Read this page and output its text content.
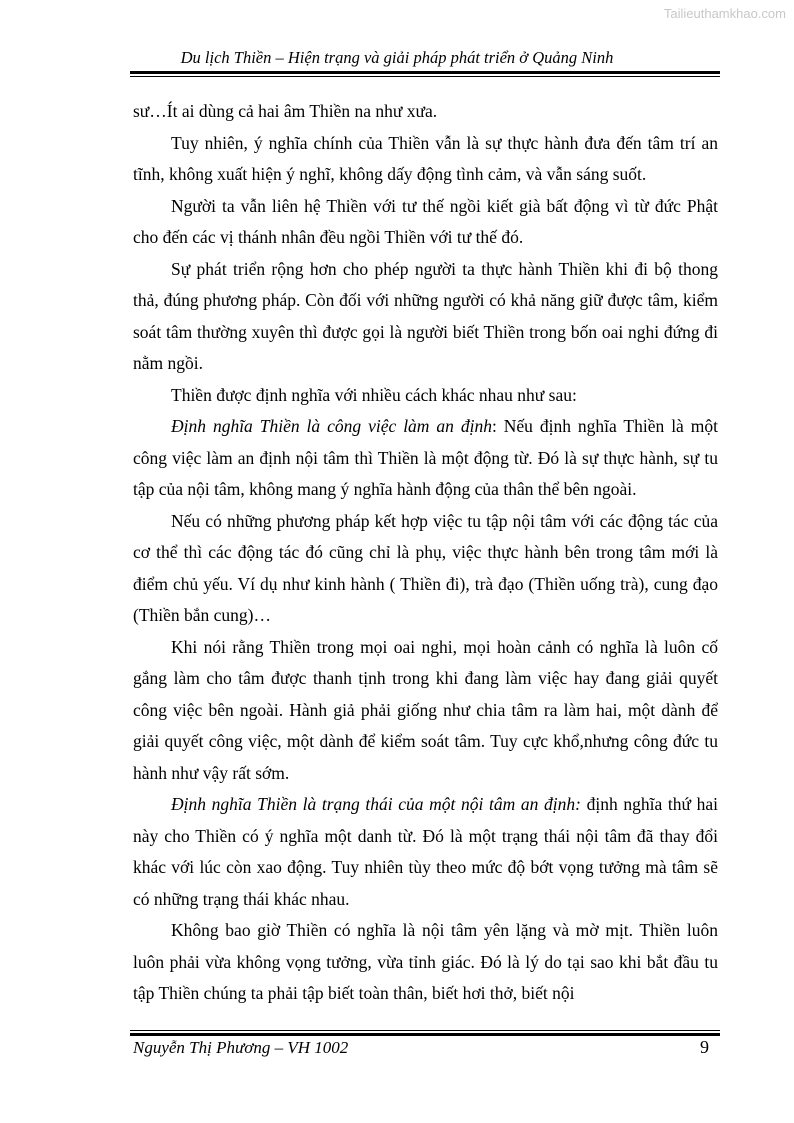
Tailieuthamkhao.com
Du lịch Thiền – Hiện trạng và giải pháp phát triển ở Quảng Ninh

sư…Ít ai dùng cả hai âm Thiền na như xưa.

Tuy nhiên, ý nghĩa chính của Thiền vẫn là sự thực hành đưa đến tâm trí an tĩnh, không xuất hiện ý nghĩ, không dấy động tình cảm, và vẫn sáng suốt.

Người ta vẫn liên hệ Thiền với tư thế ngồi kiết già bất động vì từ đức Phật cho đến các vị thánh nhân đều ngồi Thiền với tư thế đó.

Sự phát triển rộng hơn cho phép người ta thực hành Thiền khi đi bộ thong thả, đúng phương pháp. Còn đối với những người có khả năng giữ được tâm, kiểm soát tâm thường xuyên thì được gọi là người biết Thiền trong bốn oai nghi đứng đi nằm ngồi.

Thiền được định nghĩa với nhiều cách khác nhau như sau:

Định nghĩa Thiền là công việc làm an định: Nếu định nghĩa Thiền là một công việc làm an định nội tâm thì Thiền là một động từ. Đó là sự thực hành, sự tu tập của nội tâm, không mang ý nghĩa hành động của thân thể bên ngoài.

Nếu có những phương pháp kết hợp việc tu tập nội tâm với các động tác của cơ thể thì các động tác đó cũng chỉ là phụ, việc thực hành bên trong tâm mới là điểm chủ yếu. Ví dụ như kinh hành ( Thiền đi), trà đạo (Thiền uống trà), cung đạo (Thiền bắn cung)…

Khi nói rằng Thiền trong mọi oai nghi, mọi hoàn cảnh có nghĩa là luôn cố gắng làm cho tâm được thanh tịnh trong khi đang làm việc hay đang giải quyết công việc bên ngoài. Hành giả phải giống như chia tâm ra làm hai, một dành để giải quyết công việc, một dành để kiểm soát tâm. Tuy cực khổ,nhưng công đức tu hành như vậy rất sớm.

Định nghĩa Thiền là trạng thái của một nội tâm an định: định nghĩa thứ hai này cho Thiền có ý nghĩa một danh từ. Đó là một trạng thái nội tâm đã thay đổi khác với lúc còn xao động. Tuy nhiên tùy theo mức độ bớt vọng tưởng mà tâm sẽ có những trạng thái khác nhau.

Không bao giờ Thiền có nghĩa là nội tâm yên lặng và mờ mịt. Thiền luôn luôn phải vừa không vọng tưởng, vừa tỉnh giác. Đó là lý do tại sao khi bắt đầu tu tập Thiền chúng ta phải tập biết toàn thân, biết hơi thở, biết nội

Nguyễn Thị Phương – VH 1002	9
